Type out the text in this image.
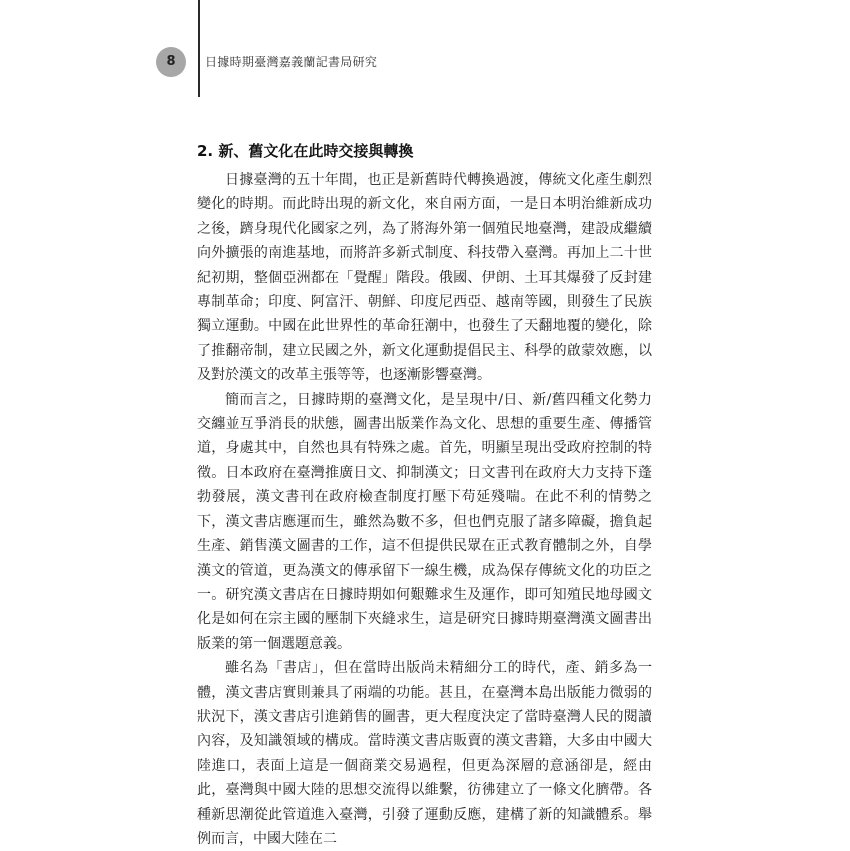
8	日據時期臺灣嘉義蘭記書局研究
2. 新、舊文化在此時交接與轉換

日據臺灣的五十年間，也正是新舊時代轉換過渡，傳統文化產生劇烈變化的時期。而此時出現的新文化，來自兩方面，一是日本明治維新成功之後，躋身現代化國家之列，為了將海外第一個殖民地臺灣，建設成繼續向外擴張的南進基地，而將許多新式制度、科技帶入臺灣。再加上二十世紀初期，整個亞洲都在「覺醒」階段。俄國、伊朗、土耳其爆發了反封建專制革命；印度、阿富汗、朝鮮、印度尼西亞、越南等國，則發生了民族獨立運動。中國在此世界性的革命狂潮中，也發生了天翻地覆的變化，除了推翻帝制，建立民國之外，新文化運動提倡民主、科學的啟蒙效應，以及對於漢文的改革主張等等，也逐漸影響臺灣。

簡而言之，日據時期的臺灣文化，是呈現中/日、新/舊四種文化勢力交纏並互爭消長的狀態，圖書出版業作為文化、思想的重要生產、傳播管道，身處其中，自然也具有特殊之處。首先，明顯呈現出受政府控制的特徵。日本政府在臺灣推廣日文、抑制漢文；日文書刊在政府大力支持下蓬勃發展，漢文書刊在政府檢查制度打壓下苟延殘喘。在此不利的情勢之下，漢文書店應運而生，雖然為數不多，但也們克服了諸多障礙，擔負起生產、銷售漢文圖書的工作，這不但提供民眾在正式教育體制之外，自學漢文的管道，更為漢文的傳承留下一線生機，成為保存傳統文化的功臣之一。研究漢文書店在日據時期如何艱難求生及運作，即可知殖民地母國文化是如何在宗主國的壓制下夾縫求生，這是研究日據時期臺灣漢文圖書出版業的第一個選題意義。

雖名為「書店」，但在當時出版尚未精細分工的時代，產、銷多為一體，漢文書店實則兼具了兩端的功能。甚且，在臺灣本島出版能力微弱的狀況下，漢文書店引進銷售的圖書，更大程度決定了當時臺灣人民的閱讀內容，及知識領域的構成。當時漢文書店販賣的漢文書籍，大多由中國大陸進口，表面上這是一個商業交易過程，但更為深層的意涵卻是，經由此，臺灣與中國大陸的思想交流得以維繫，彷彿建立了一條文化臍帶。各種新思潮從此管道進入臺灣，引發了運動反應，建構了新的知識體系。舉例而言，中國大陸在二
